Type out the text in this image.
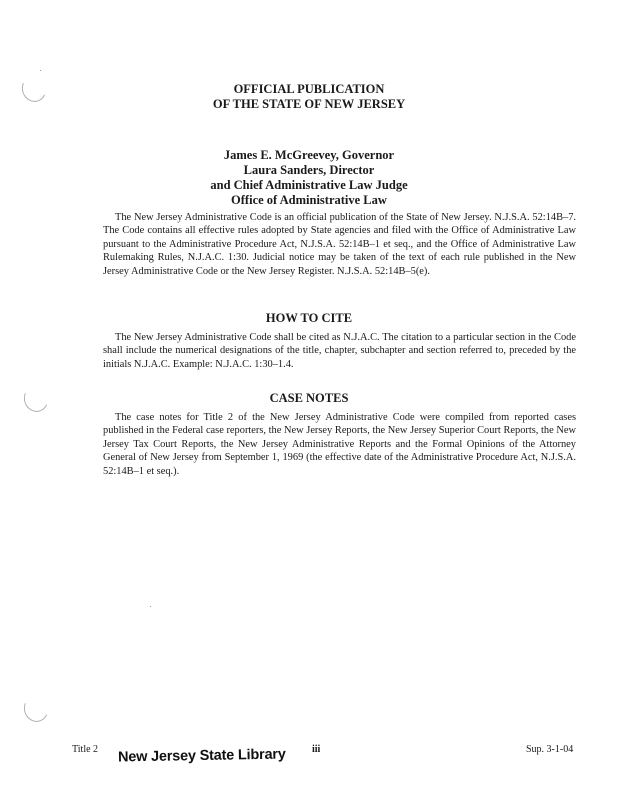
OFFICIAL PUBLICATION
OF THE STATE OF NEW JERSEY
James E. McGreevey, Governor
Laura Sanders, Director
and Chief Administrative Law Judge
Office of Administrative Law

The New Jersey Administrative Code is an official publication of the State of New Jersey. N.J.S.A. 52:14B–7. The Code contains all effective rules adopted by State agencies and filed with the Office of Administrative Law pursuant to the Administrative Procedure Act, N.J.S.A. 52:14B–1 et seq., and the Office of Administrative Law Rulemaking Rules, N.J.A.C. 1:30. Judicial notice may be taken of the text of each rule published in the New Jersey Administrative Code or the New Jersey Register. N.J.S.A. 52:14B–5(e).

HOW TO CITE

The New Jersey Administrative Code shall be cited as N.J.A.C. The citation to a particular section in the Code shall include the numerical designations of the title, chapter, subchapter and section referred to, preceded by the initials N.J.A.C. Example: N.J.A.C. 1:30–1.4.

CASE NOTES

The case notes for Title 2 of the New Jersey Administrative Code were compiled from reported cases published in the Federal case reporters, the New Jersey Reports, the New Jersey Superior Court Reports, the New Jersey Tax Court Reports, the New Jersey Administrative Reports and the Formal Opinions of the Attorney General of New Jersey from September 1, 1969 (the effective date of the Administrative Procedure Act, N.J.S.A. 52:14B–1 et seq.).

Title 2 New Jersey State Library	iii	Sup. 3-1-04
